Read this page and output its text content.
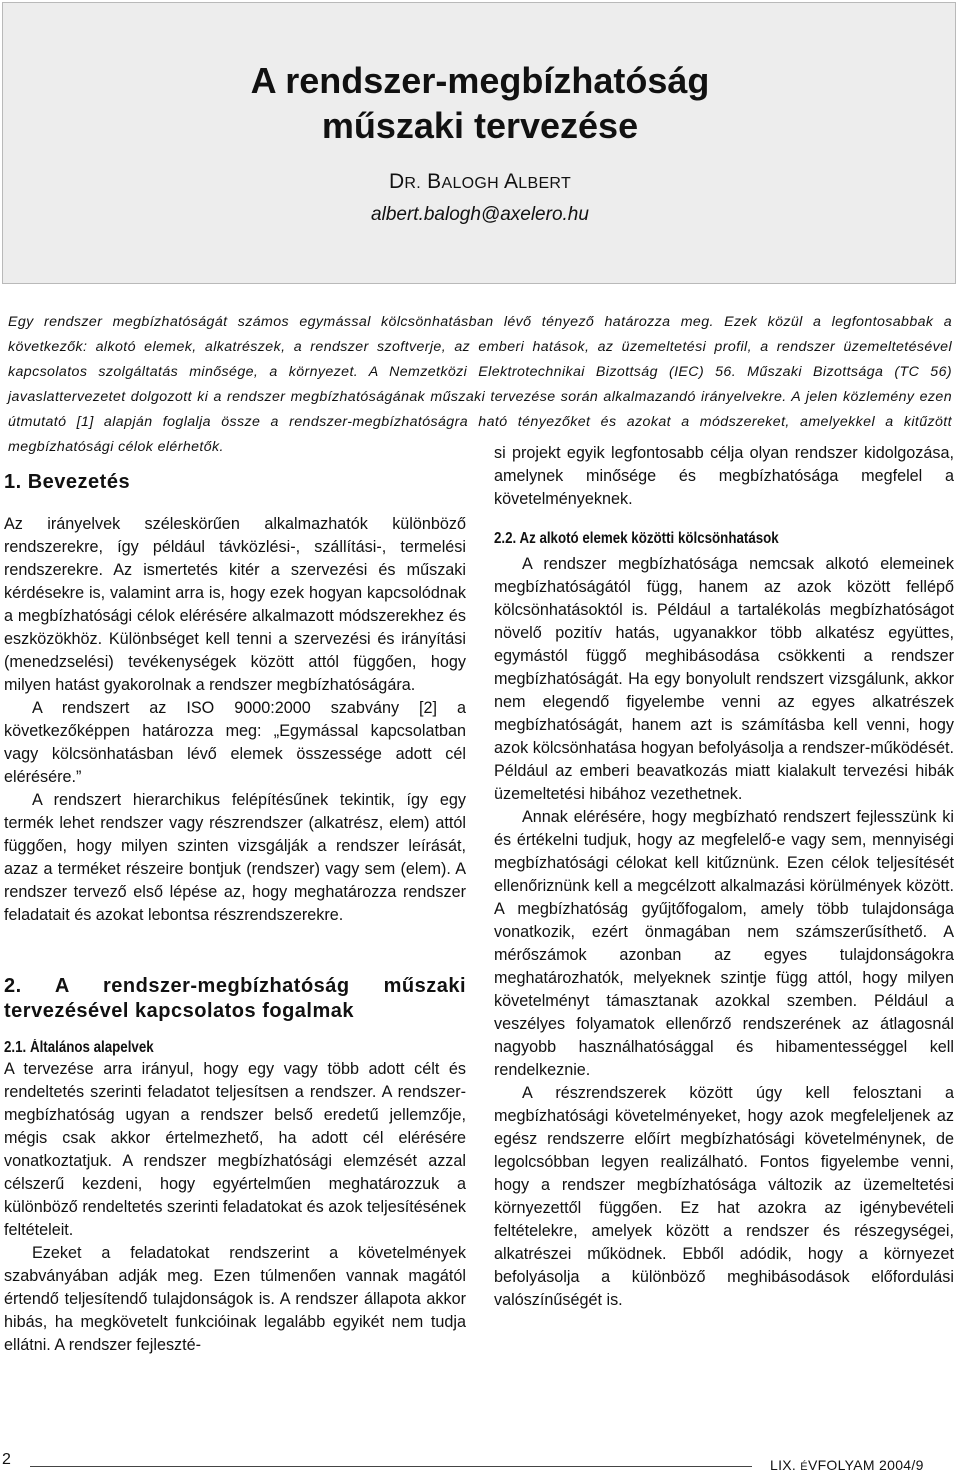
A rendszer-megbízhatóság
műszaki tervezése
DR. BALOGH ALBERT
albert.balogh@axelero.hu

Egy rendszer megbízhatóságát számos egymással kölcsönhatásban lévő tényező határozza meg. Ezek közül a legfontosabbak a következők: alkotó elemek, alkatrészek, a rendszer szoftverje, az emberi hatások, az üzemeltetési profil, a rendszer üzemeltetésével kapcsolatos szolgáltatás minősége, a környezet. A Nemzetközi Elektrotechnikai Bizottság (IEC) 56. Műszaki Bizottsága (TC 56) javaslattervezetet dolgozott ki a rendszer megbízhatóságának műszaki tervezése során alkalmazandó irányelvekre. A jelen közlemény ezen útmutató [1] alapján foglalja össze a rendszer-megbízhatóságra ható tényezőket és azokat a módszereket, amelyekkel a kitűzött megbízhatósági célok elérhetők.

1. Bevezetés

Az irányelvek széleskörűen alkalmazhatók különböző rendszerekre, így például távközlési-, szállítási-, termelési rendszerekre. Az ismertetés kitér a szervezési és műszaki kérdésekre is, valamint arra is, hogy ezek hogyan kapcsolódnak a megbízhatósági célok elérésére alkalmazott módszerekhez és eszközökhöz. Különbséget kell tenni a szervezési és irányítási (menedzselési) tevékenységek között attól függően, hogy milyen hatást gyakorolnak a rendszer megbízhatóságára.

A rendszert az ISO 9000:2000 szabvány [2] a következőképpen határozza meg: „Egymással kapcsolatban vagy kölcsönhatásban lévő elemek összessége adott cél elérésére.”

A rendszert hierarchikus felépítésűnek tekintik, így egy termék lehet rendszer vagy részrendszer (alkatrész, elem) attól függően, hogy milyen szinten vizsgálják a rendszer leírását, azaz a terméket részeire bontjuk (rendszer) vagy sem (elem). A rendszer tervező első lépése az, hogy meghatározza rendszer feladatait és azokat lebontsa részrendszerekre.

2. A rendszer-megbízhatóság műszaki tervezésével kapcsolatos fogalmak
2.1. Általános alapelvek

A tervezése arra irányul, hogy egy vagy több adott célt és rendeltetés szerinti feladatot teljesítsen a rendszer. A rendszer-megbízhatóság ugyan a rendszer belső eredetű jellemzője, mégis csak akkor értelmezhető, ha adott cél elérésére vonatkoztatjuk. A rendszer megbízhatósági elemzését azzal célszerű kezdeni, hogy egyértelműen meghatározzuk a különböző rendeltetés szerinti feladatokat és azok teljesítésének feltételeit.

Ezeket a feladatokat rendszerint a követelmények szabványában adják meg. Ezen túlmenően vannak magától értendő teljesítendő tulajdonságok is. A rendszer állapota akkor hibás, ha megkövetelt funkcióinak legalább egyikét nem tudja ellátni. A rendszer fejleszté-

si projekt egyik legfontosabb célja olyan rendszer kidolgozása, amelynek minősége és megbízhatósága megfelel a követelményeknek.

2.2. Az alkotó elemek közötti kölcsönhatások

A rendszer megbízhatósága nemcsak alkotó elemeinek megbízhatóságától függ, hanem az azok között fellépő kölcsönhatásoktól is. Például a tartalékolás megbízhatóságot növelő pozitív hatás, ugyanakkor több alkatész együttes, egymástól függő meghibásodása csökkenti a rendszer megbízhatóságát. Ha egy bonyolult rendszert vizsgálunk, akkor nem elegendő figyelembe venni az egyes alkatrészek megbízhatóságát, hanem azt is számításba kell venni, hogy azok kölcsönhatása hogyan befolyásolja a rendszer-működését. Például az emberi beavatkozás miatt kialakult tervezési hibák üzemeltetési hibához vezethetnek.

Annak elérésére, hogy megbízható rendszert fejlesszünk ki és értékelni tudjuk, hogy az megfelelő-e vagy sem, mennyiségi megbízhatósági célokat kell kitűznünk. Ezen célok teljesítését ellenőriznünk kell a megcélzott alkalmazási körülmények között. A megbízhatóság gyűjtőfogalom, amely több tulajdonsága vonatkozik, ezért önmagában nem számszerűsíthető. A mérőszámok azonban az egyes tulajdonságokra meghatározhatók, melyeknek szintje függ attól, hogy milyen követelményt támasztanak azokkal szemben. Például a veszélyes folyamatok ellenőrző rendszerének az átlagosnál nagyobb használhatósággal és hibamentességgel kell rendelkeznie.

A részrendszerek között úgy kell felosztani a megbízhatósági követelményeket, hogy azok megfeleljenek az egész rendszerre előírt megbízhatósági követelménynek, de legolcsóbban legyen realizálható. Fontos figyelembe venni, hogy a rendszer megbízhatósága változik az üzemeltetési környezettől függően. Ez hat azokra az igénybevételi feltételekre, amelyek között a rendszer és részegységei, alkatrészei működnek. Ebből adódik, hogy a környezet befolyásolja a különböző meghibásodások előfordulási valószínűségét is.

2	LIX. ÉVFOLYAM 2004/9
